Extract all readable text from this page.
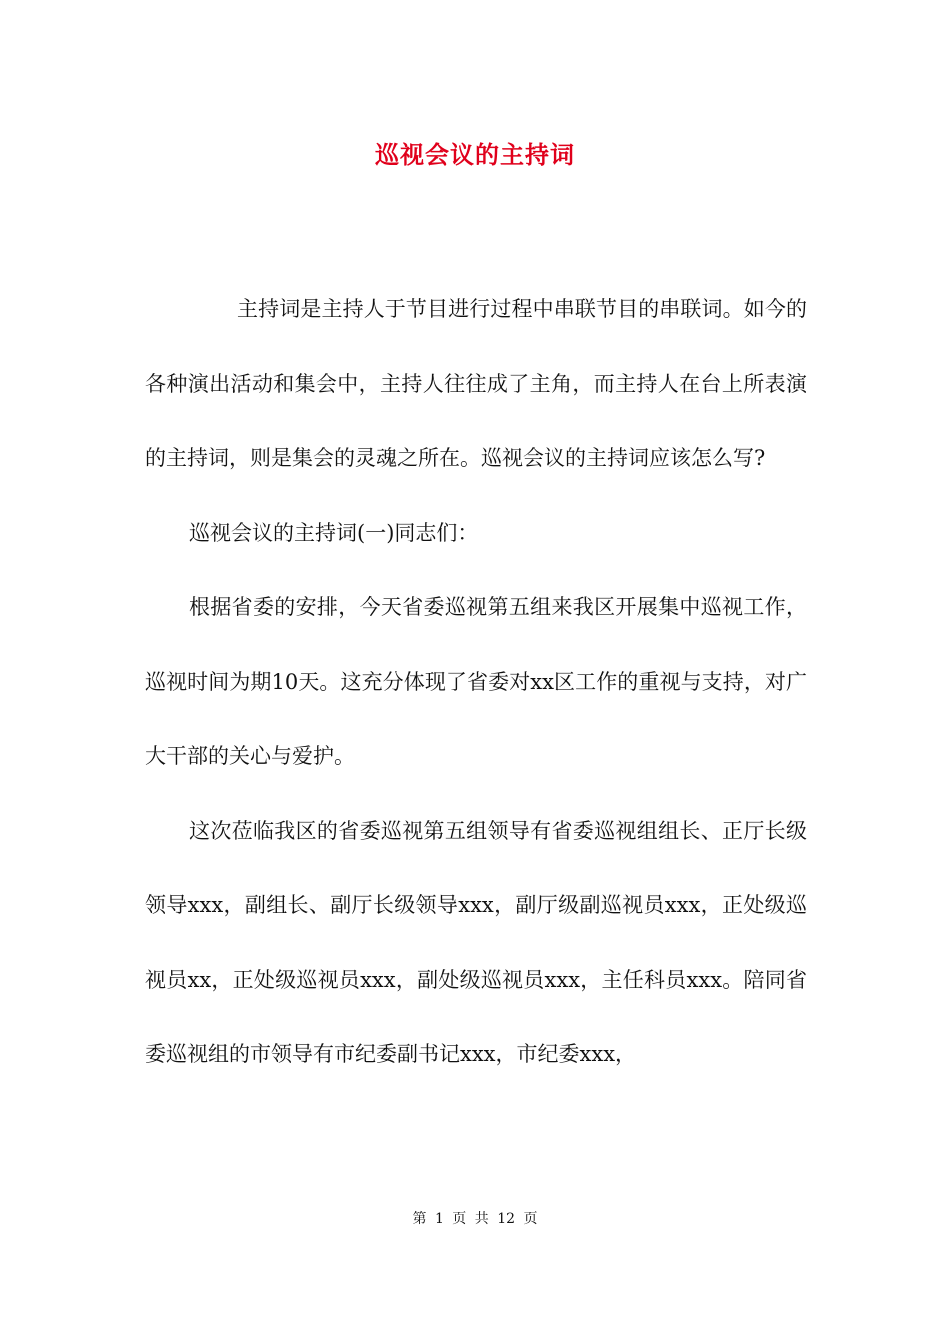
巡视会议的主持词

主持词是主持人于节目进行过程中串联节目的串联词。如今的各种演出活动和集会中，主持人往往成了主角，而主持人在台上所表演的主持词，则是集会的灵魂之所在。巡视会议的主持词应该怎么写?

巡视会议的主持词(一)同志们：

根据省委的安排，今天省委巡视第五组来我区开展集中巡视工作，巡视时间为期10天。这充分体现了省委对xx区工作的重视与支持，对广大干部的关心与爱护。

这次莅临我区的省委巡视第五组领导有省委巡视组组长、正厅长级领导xxx，副组长、副厅长级领导xxx，副厅级副巡视员xxx，正处级巡视员xx，正处级巡视员xxx，副处级巡视员xxx，主任科员xxx。陪同省委巡视组的市领导有市纪委副书记xxx，市纪委xxx，

第 1 页 共 12 页
